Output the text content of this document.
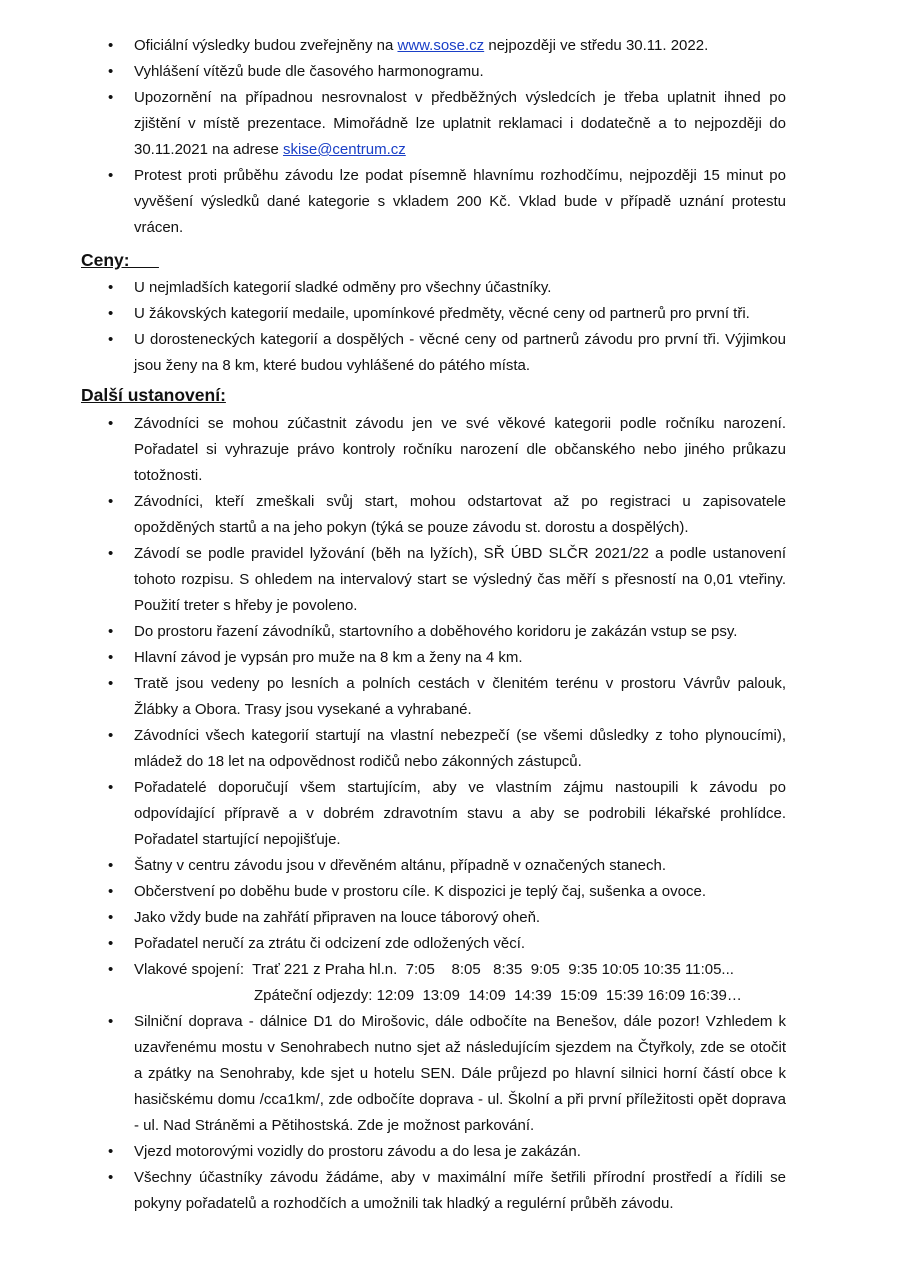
• Oficiální výsledky budou zveřejněny na www.sose.cz nejpozději ve středu 30.11. 2022.
• Vyhlášení vítězů bude dle časového harmonogramu.
• Upozornění na případnou nesrovnalost v předběžných výsledcích je třeba uplatnit ihned po zjištění v místě prezentace. Mimořádně lze uplatnit reklamaci i dodatečně a to nejpozději do 30.11.2021 na adrese skise@centrum.cz
• Protest proti průběhu závodu lze podat písemně hlavnímu rozhodčímu, nejpozději 15 minut po vyvěšení výsledků dané kategorie s vkladem 200 Kč. Vklad bude v případě uznání protestu vrácen.
Ceny:
• U nejmladších kategorií sladké odměny pro všechny účastníky.
• U žákovských kategorií medaile, upomínkové předměty, věcné ceny od partnerů pro první tři.
• U dorosteneckých kategorií a dospělých - věcné ceny od partnerů závodu pro první tři. Výjimkou jsou ženy na 8 km, které budou vyhlášené do pátého místa.
Další ustanovení:
• Závodníci se mohou zúčastnit závodu jen ve své věkové kategorii podle ročníku narození. Pořadatel si vyhrazuje právo kontroly ročníku narození dle občanského nebo jiného průkazu totožnosti.
• Závodníci, kteří zmeškali svůj start, mohou odstartovat až po registraci u zapisovatele opožděných startů a na jeho pokyn (týká se pouze závodu st. dorostu a dospělých).
• Závodí se podle pravidel lyžování (běh na lyžích), SŘ ÚBD SLČR 2021/22 a podle ustanovení tohoto rozpisu. S ohledem na intervalový start se výsledný čas měří s přesností na 0,01 vteřiny. Použití treter s hřeby je povoleno.
• Do prostoru řazení závodníků, startovního a doběhového koridoru je zakázán vstup se psy.
• Hlavní závod je vypsán pro muže na 8 km a ženy na 4 km.
• Tratě jsou vedeny po lesních a polních cestách v členitém terénu v prostoru Vávrův palouk, Žlábky a Obora. Trasy jsou vysekané a vyhrabané.
• Závodníci všech kategorií startují na vlastní nebezpečí (se všemi důsledky z toho plynoucími), mládež do 18 let na odpovědnost rodičů nebo zákonných zástupců.
• Pořadatelé doporučují všem startujícím, aby ve vlastním zájmu nastoupili k závodu po odpovídající přípravě a v dobrém zdravotním stavu a aby se podrobili lékařské prohlídce. Pořadatel startující nepojišťuje.
• Šatny v centru závodu jsou v dřevěném altánu, případně v označených stanech.
• Občerstvení po doběhu bude v prostoru cíle. K dispozici je teplý čaj, sušenka a ovoce.
• Jako vždy bude na zahřátí připraven na louce táborový oheň.
• Pořadatel neručí za ztrátu či odcizení zde odložených věcí.
• Vlakové spojení:  Trať 221 z Praha hl.n.  7:05    8:05   8:35  9:05  9:35 10:05 10:35 11:05...
Zpáteční odjezdy: 12:09  13:09  14:09  14:39  15:09  15:39 16:09 16:39…
• Silniční doprava - dálnice D1 do Mirošovic, dále odbočíte na Benešov, dále pozor! Vzhledem k uzavřenému mostu v Senohrabech nutno sjet až následujícím sjezdem na Čtyřkoly, zde se otočit a zpátky na Senohraby, kde sjet u hotelu SEN. Dále průjezd po hlavní silnici horní částí obce k hasičskému domu /cca1km/, zde odbočíte doprava - ul. Školní a při první příležitosti opět doprava - ul. Nad Stráněmi a Pětihostská. Zde je možnost parkování.
• Vjezd motorovými vozidly do prostoru závodu a do lesa je zakázán.
• Všechny účastníky závodu žádáme, aby v maximální míře šetřili přírodní prostředí a řídili se pokyny pořadatelů a rozhodčích a umožnili tak hladký a regulérní průběh závodu.
